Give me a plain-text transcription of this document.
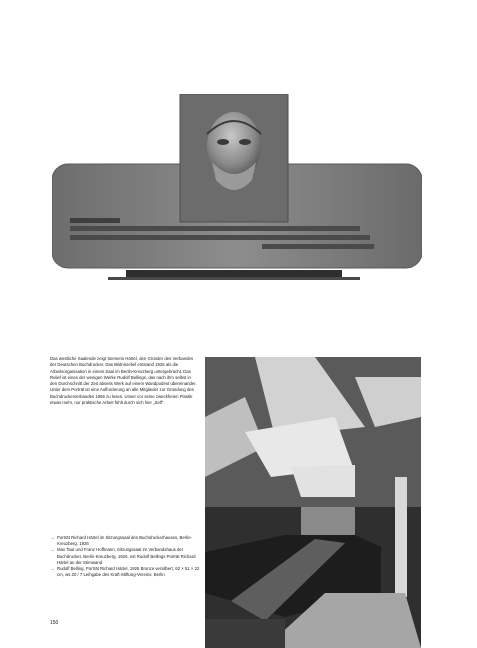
Das westliche Saalende zeigt Siemens Härtel, den Gründer des Verbandes der Deutschen Buchdrucker. Das Bildnisrelief entstand 1926 als die Arbeitsorganisation in einem Saal im Berlin-Kreuzberg untergebracht. Das Relief ist eines der wenigen Werke Rudolf Bellings, das nach ihm selbst in den Durchschnitt der Zeit abseits Werk auf einem Wandpodest übereinander. Unter dem Porträt ist eine Aufforderung an alle Mitglieder zur Gründung des Buchdruckerverbandes 1866 zu lesen. Unser vor seine zweckfreien Plastik etwas mehr, nur praktische Arbeit fühlt durch sich hier „Self“.

→ Porträt Richard Härtel im Sitzungssaal des Buchdruckerhauses, Berlin-Kreuzberg, 1926
→ Max Taut und Franz Hoffmann, Sitzungssaal im Verbandshaus der Buchdrucker, Berlin-Kreuzberg, 1926, mit Rudolf Bellings Porträt Richard Härtel an der Stirnwand
→ Rudolf Belling, Porträt Richard Härtel, 1926 Bronze versilbert, 62 × 51 × 22 cm, ws 20 / 7 Leihgabe des Kraft-Stiftung-Vereins, Berlin
150
